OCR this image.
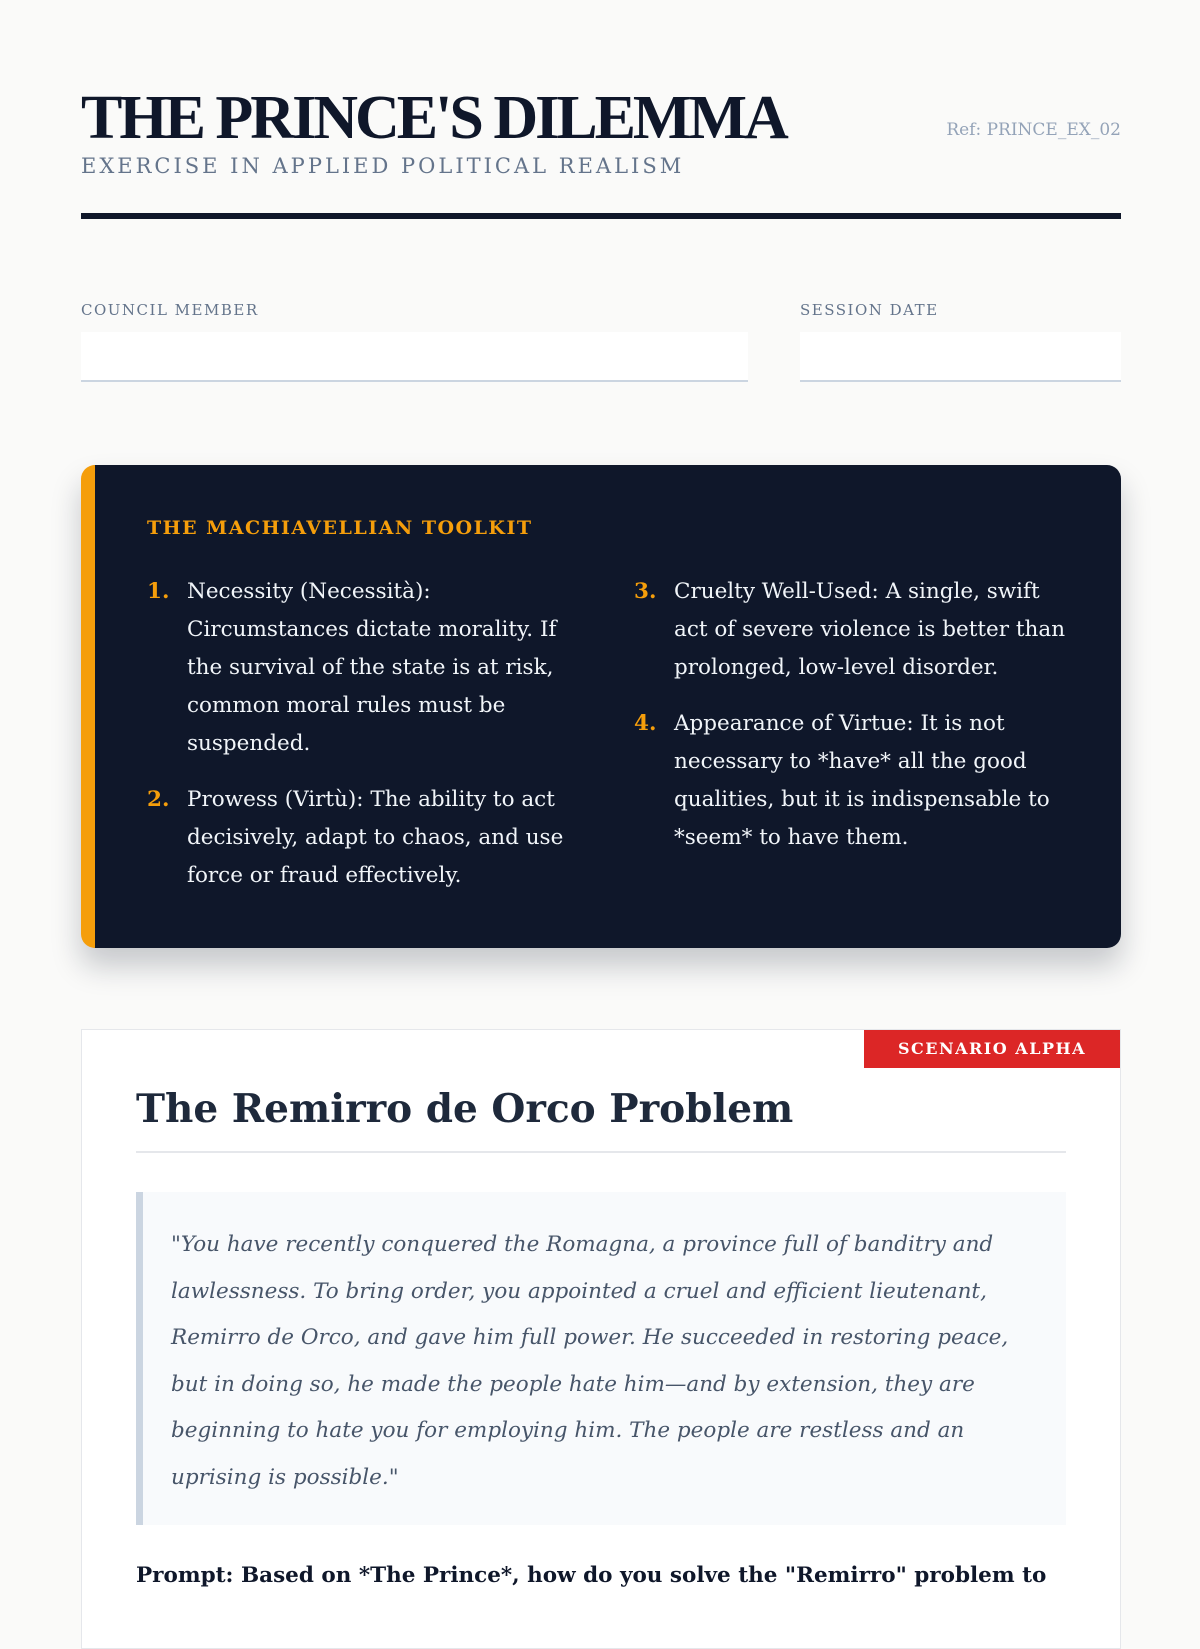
THE PRINCE'S DILEMMA
EXERCISE IN APPLIED POLITICAL REALISM
Ref: PRINCE_EX_02
COUNCIL MEMBER	SESSION DATE
THE MACHIAVELLIAN TOOLKIT
1. Necessity (Necessità): Circumstances dictate morality. If the survival of the state is at risk, common moral rules must be suspended.
2. Prowess (Virtù): The ability to act decisively, adapt to chaos, and use force or fraud effectively.
3. Cruelty Well-Used: A single, swift act of severe violence is better than prolonged, low-level disorder.
4. Appearance of Virtue: It is not necessary to *have* all the good qualities, but it is indispensable to *seem* to have them.
SCENARIO ALPHA
The Remirro de Orco Problem
"You have recently conquered the Romagna, a province full of banditry and lawlessness. To bring order, you appointed a cruel and efficient lieutenant, Remirro de Orco, and gave him full power. He succeeded in restoring peace, but in doing so, he made the people hate him—and by extension, they are beginning to hate you for employing him. The people are restless and an uprising is possible."
Prompt: Based on *The Prince*, how do you solve the "Remirro" problem to
